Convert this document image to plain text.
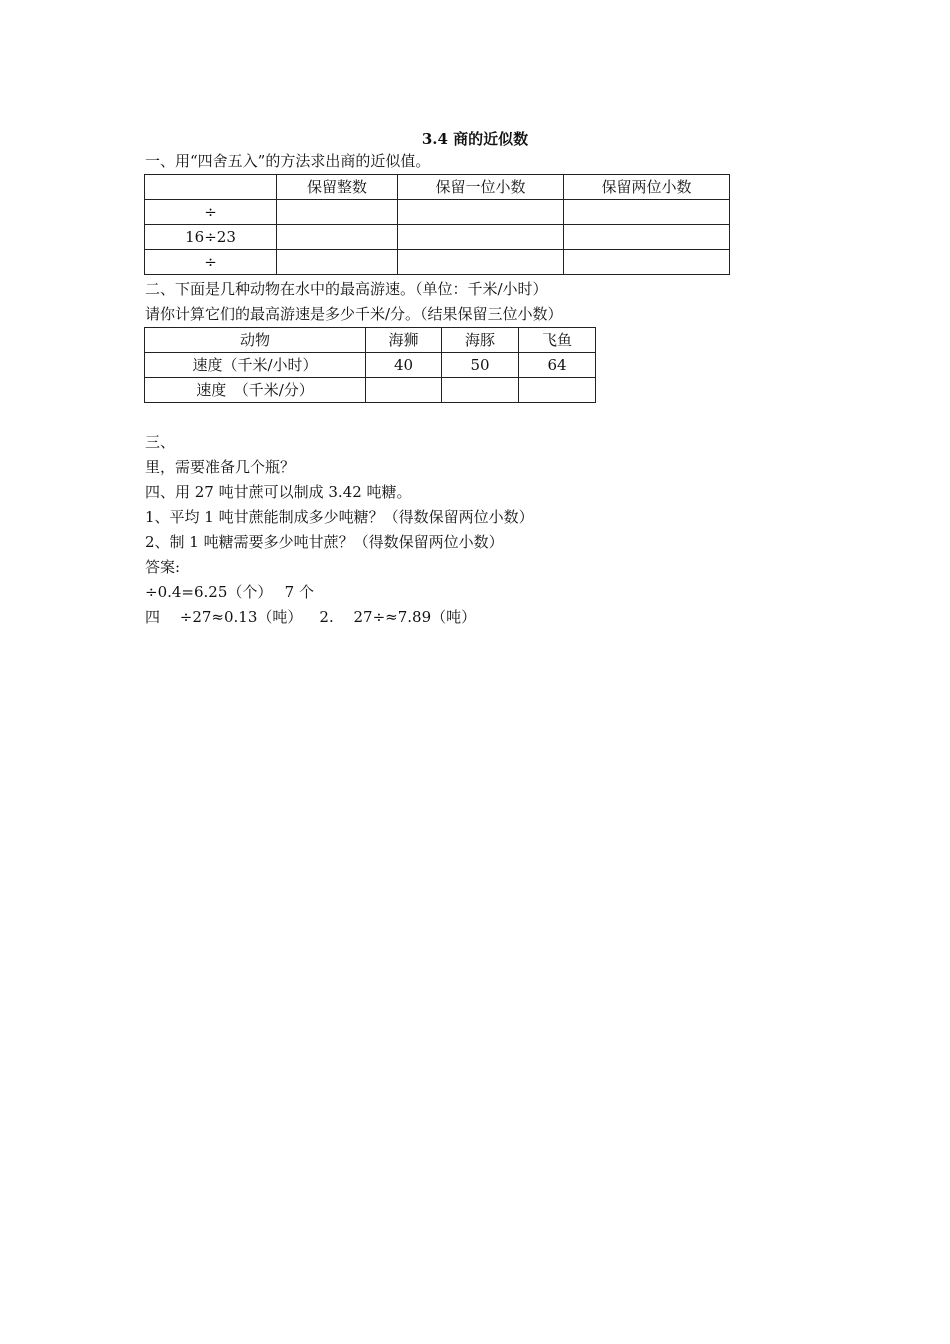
3.4 商的近似数
一、用“四舍五入”的方法求出商的近似值。
	保留整数	保留一位小数	保留两位小数
÷			
16÷23			
÷			
二、下面是几种动物在水中的最高游速。（单位：千米/小时）
请你计算它们的最高游速是多少千米/分。（结果保留三位小数）
动物	海狮	海豚	飞鱼
速度（千米/小时）	40	50	64
速度　（千米/分）			
三、
里，需要准备几个瓶？
四、用 27 吨甘蔗可以制成 3.42 吨糖。
1、平均 1 吨甘蔗能制成多少吨糖？（得数保留两位小数）
2、制 1 吨糖需要多少吨甘蔗？（得数保留两位小数）
答案:
÷0.4=6.25（个）　 7 个
四　 ÷27≈0.13（吨）　  2.　 27÷≈7.89（吨）
